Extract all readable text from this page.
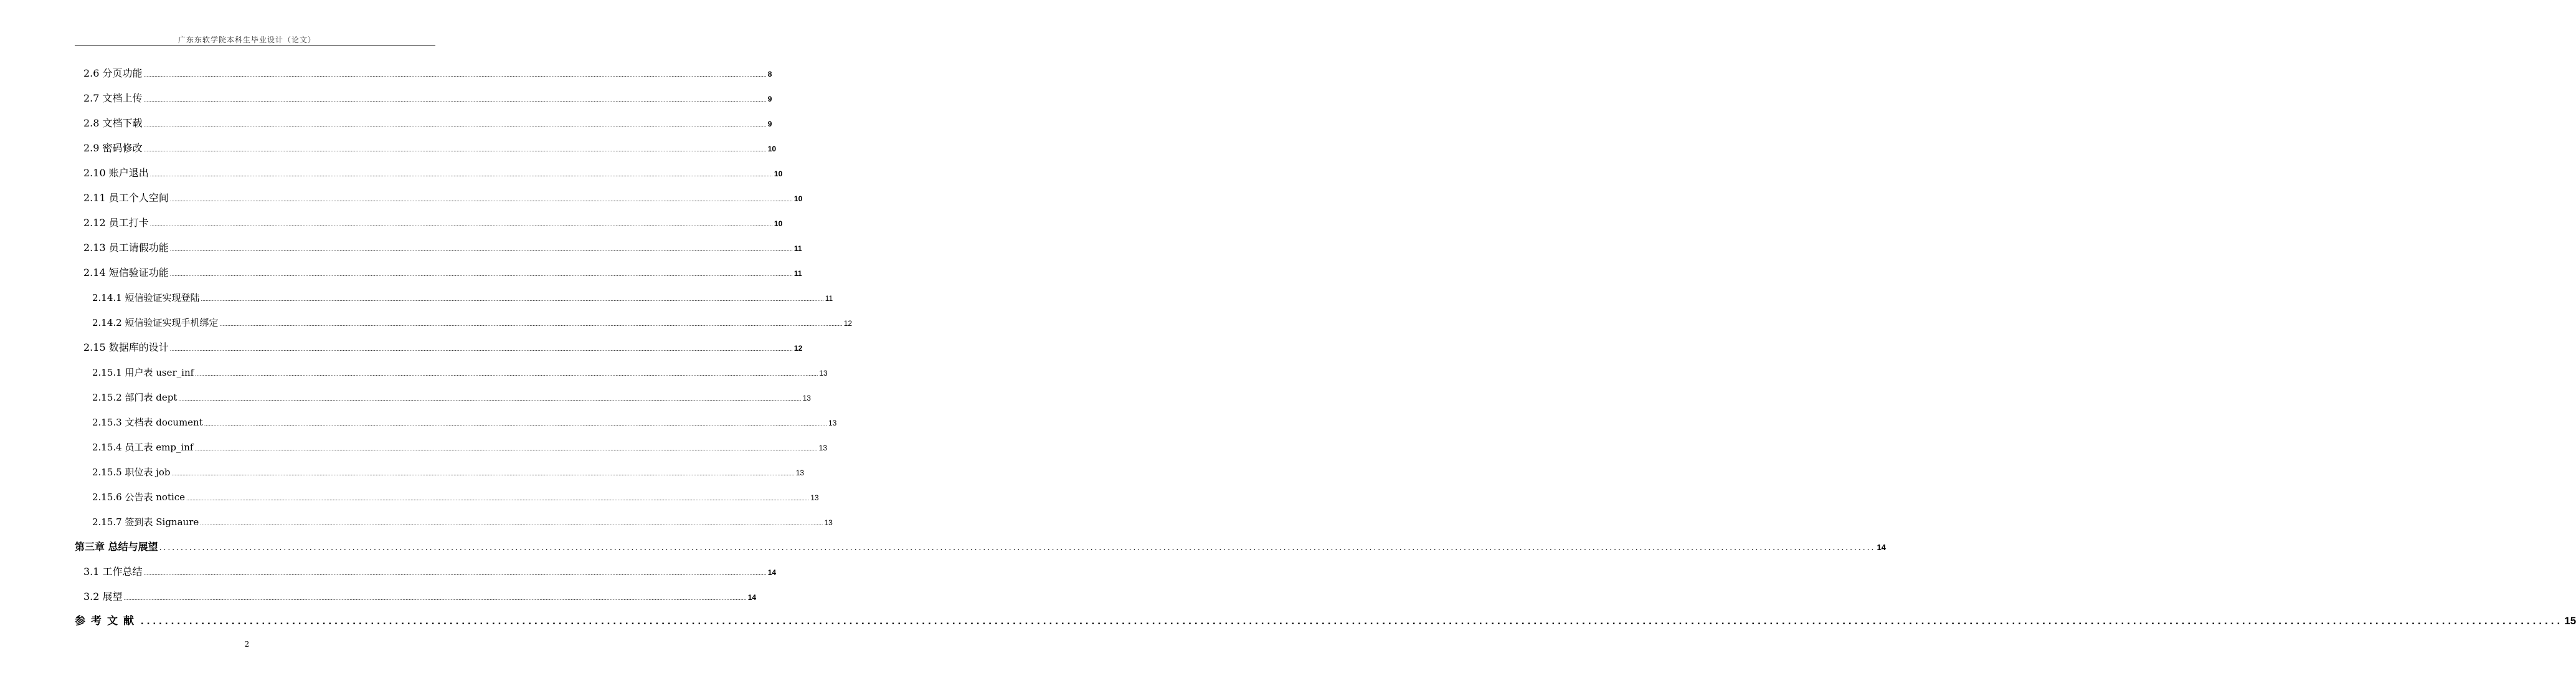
广东东软学院本科生毕业设计（论文）
2.6 分页功能 ................................................................................................................................................................................................................................................................................................................................................................................................................ 8
2.7 文档上传 ................................................................................................................................................................................................................................................................................................................................................................................................................ 9
2.8 文档下载 ................................................................................................................................................................................................................................................................................................................................................................................................................ 9
2.9 密码修改 ................................................................................................................................................................................................................................................................................................................................................................................................................ 10
2.10 账户退出 ................................................................................................................................................................................................................................................................................................................................................................................................................ 10
2.11 员工个人空间 ................................................................................................................................................................................................................................................................................................................................................................................................................ 10
2.12 员工打卡 ................................................................................................................................................................................................................................................................................................................................................................................................................ 10
2.13 员工请假功能 ................................................................................................................................................................................................................................................................................................................................................................................................................ 11
2.14 短信验证功能 ................................................................................................................................................................................................................................................................................................................................................................................................................ 11
2.14.1 短信验证实现登陆 ................................................................................................................................................................................................................................................................................................................................................................................................................ 11
2.14.2 短信验证实现手机绑定 ................................................................................................................................................................................................................................................................................................................................................................................................................ 12
2.15 数据库的设计 ................................................................................................................................................................................................................................................................................................................................................................................................................ 12
2.15.1 用户表 user_inf ................................................................................................................................................................................................................................................................................................................................................................................................................ 13
2.15.2 部门表 dept ................................................................................................................................................................................................................................................................................................................................................................................................................ 13
2.15.3 文档表 document ................................................................................................................................................................................................................................................................................................................................................................................................................ 13
2.15.4 员工表 emp_inf ................................................................................................................................................................................................................................................................................................................................................................................................................ 13
2.15.5 职位表 job ................................................................................................................................................................................................................................................................................................................................................................................................................ 13
2.15.6 公告表 notice ................................................................................................................................................................................................................................................................................................................................................................................................................ 13
2.15.7 签到表 Signaure ................................................................................................................................................................................................................................................................................................................................................................................................................ 13
第三章 总结与展望 ................................................................................................................................................................................................................................................................................................................................................................................................................ 14
3.1 工作总结 ................................................................................................................................................................................................................................................................................................................................................................................................................ 14
3.2 展望 ................................................................................................................................................................................................................................................................................................................................................................................................................ 14
参考文献 ................................................................................................................................................................................................................................................................................................................................................................................................................ 15
2
